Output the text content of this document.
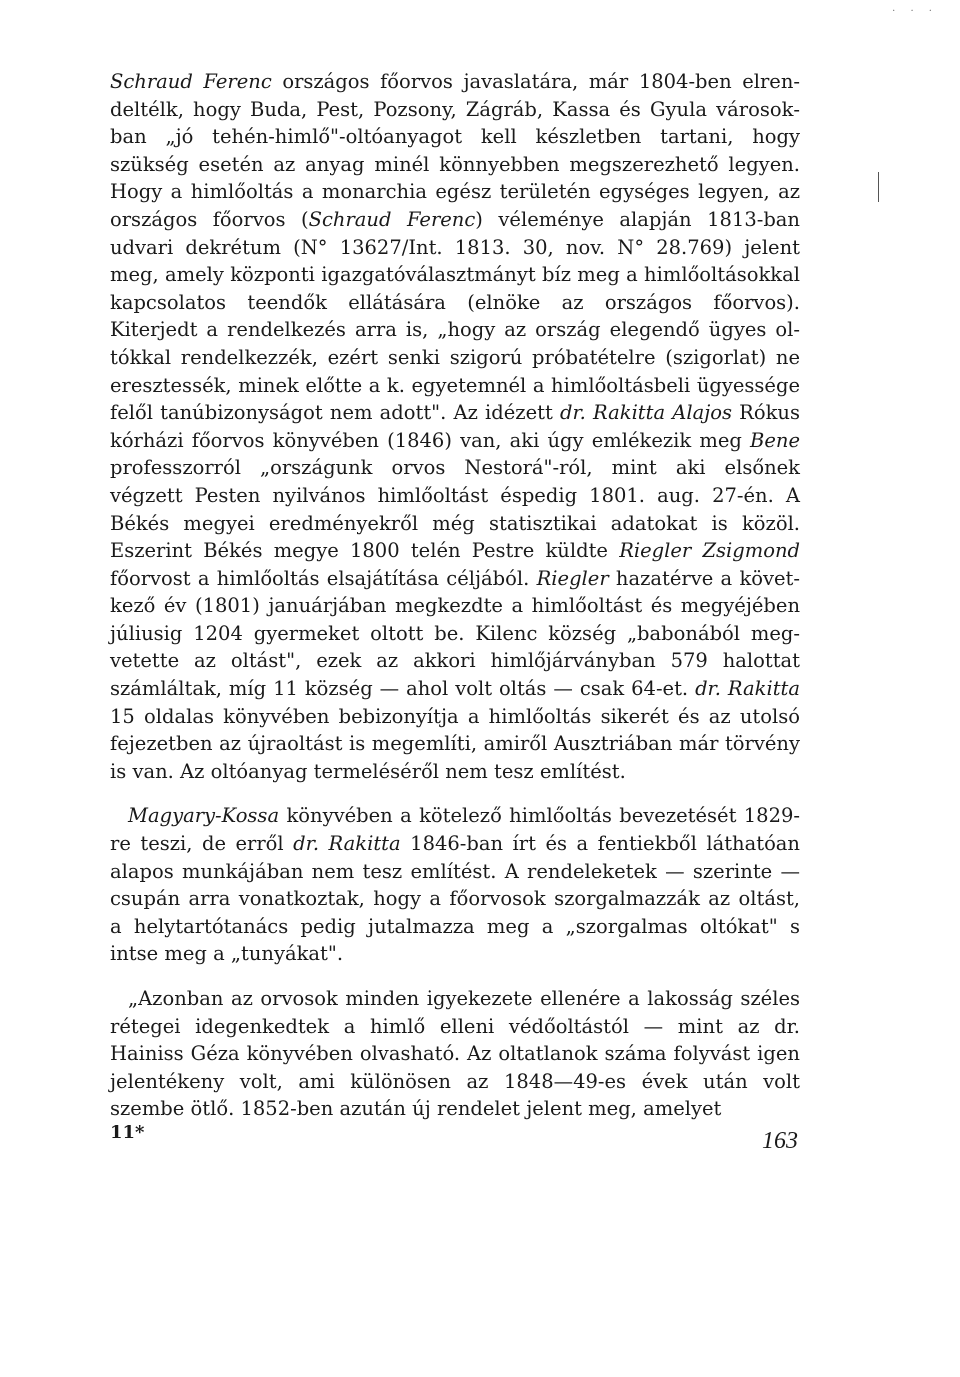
· · ·

Schraud Ferenc országos főorvos javaslatára, már 1804-ben elrendeltélk, hogy Buda, Pest, Pozsony, Zágráb, Kassa és Gyula városokban „jó tehén-himlő"-oltóanyagot kell készletben tartani, hogy szükség esetén az anyag minél könnyebben megszerezhető legyen. Hogy a himlőoltás a monarchia egész területén egységes legyen, az országos főorvos (Schraud Ferenc) véleménye alapján 1813-ban udvari dekrétum (N° 13627/Int. 1813. 30, nov. N° 28.769) jelent meg, amely központi igazgatóválasztmányt bíz meg a himlőoltásokkal kapcsolatos teendők ellátására (elnöke az országos főorvos). Kiterjedt a rendelkezés arra is, „hogy az ország elegendő ügyes oltókkal rendelkezzék, ezért senki szigorú próbatételre (szigorlat) ne eresztessék, minek előtte a k. egyetemnél a himlőoltásbeli ügyessége felől tanúbizonyságot nem adott". Az idézett dr. Rakitta Alajos Rókus kórházi főorvos könyvében (1846) van, aki úgy emlékezik meg Bene professzorról „országunk orvos Nestorá"-ról, mint aki elsőnek végzett Pesten nyilvános himlőoltást éspedig 1801. aug. 27-én. A Békés megyei eredményekről még statisztikai adatokat is közöl. Eszerint Békés megye 1800 telén Pestre küldte Riegler Zsigmond főorvost a himlőoltás elsajátítása céljából. Riegler hazatérve a következő év (1801) januárjában megkezdte a himlőoltást és megyéjében júliusig 1204 gyermeket oltott be. Kilenc község „babonából megvetette az oltást", ezek az akkori himlőjárványban 579 halottat számláltak, míg 11 község — ahol volt oltás — csak 64-et. dr. Rakitta 15 oldalas könyvében bebizonyítja a himlőoltás sikerét és az utolsó fejezetben az újraoltást is megemlíti, amiről Ausztriában már törvény is van. Az oltóanyag termeléséről nem tesz említést.

Magyary-Kossa könyvében a kötelező himlőoltás bevezetését 1829-re teszi, de erről dr. Rakitta 1846-ban írt és a fentiekből láthatóan alapos munkájában nem tesz említést. A rendeleketek — szerinte — csupán arra vonatkoztak, hogy a főorvosok szorgalmazzák az oltást, a helytartótanács pedig jutalmazza meg a „szorgalmas oltókat" s intse meg a „tunyákat".

„Azonban az orvosok minden igyekezete ellenére a lakosság széles rétegei idegenkedtek a himlő elleni védőoltástól — mint az dr. Hainiss Géza könyvében olvasható. Az oltatlanok száma folyvást igen jelentékeny volt, ami különösen az 1848—49-es évek után volt szembe ötlő. 1852-ben azután új rendelet jelent meg, amelyet

11*	163
